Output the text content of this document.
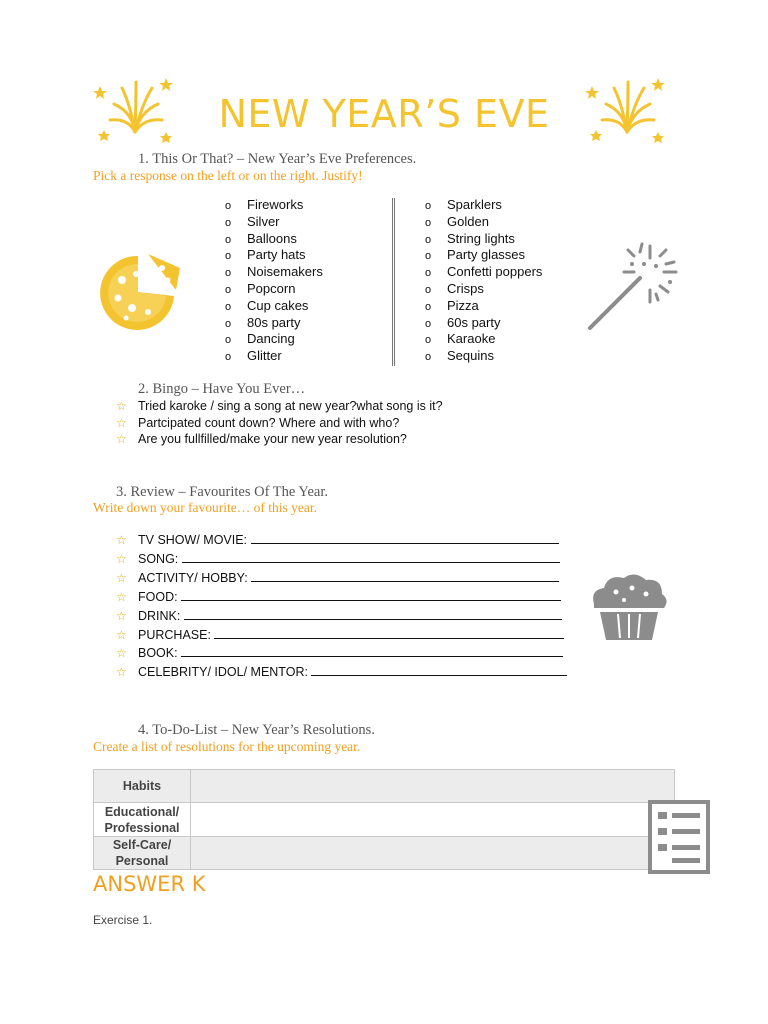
NEW YEAR’S EVE
1. This Or That? – New Year’s Eve Preferences.
Pick a response on the left or on the right. Justify!
o Fireworks
o Silver
o Balloons
o Party hats
o Noisemakers
o Popcorn
o Cup cakes
o 80s party
o Dancing
o Glitter
o Sparklers
o Golden
o String lights
o Party glasses
o Confetti poppers
o Crisps
o Pizza
o 60s party
o Karaoke
o Sequins
2. Bingo – Have You Ever…
☆ Tried karoke / sing a song at new year?what song is it?
☆ Partcipated count down? Where and with who?
☆ Are you fullfilled/make your new year resolution?
3. Review – Favourites Of The Year.
Write down your favourite… of this year.
☆ TV SHOW/ MOVIE:
☆ SONG:
☆ ACTIVITY/ HOBBY:
☆ FOOD:
☆ DRINK:
☆ PURCHASE:
☆ BOOK:
☆ CELEBRITY/ IDOL/ MENTOR:
4. To-Do-List – New Year’s Resolutions.
Create a list of resolutions for the upcoming year.
Habits	
Educational/ Professional	
Self-Care/ Personal	
ANSWER K
Exercise 1.
